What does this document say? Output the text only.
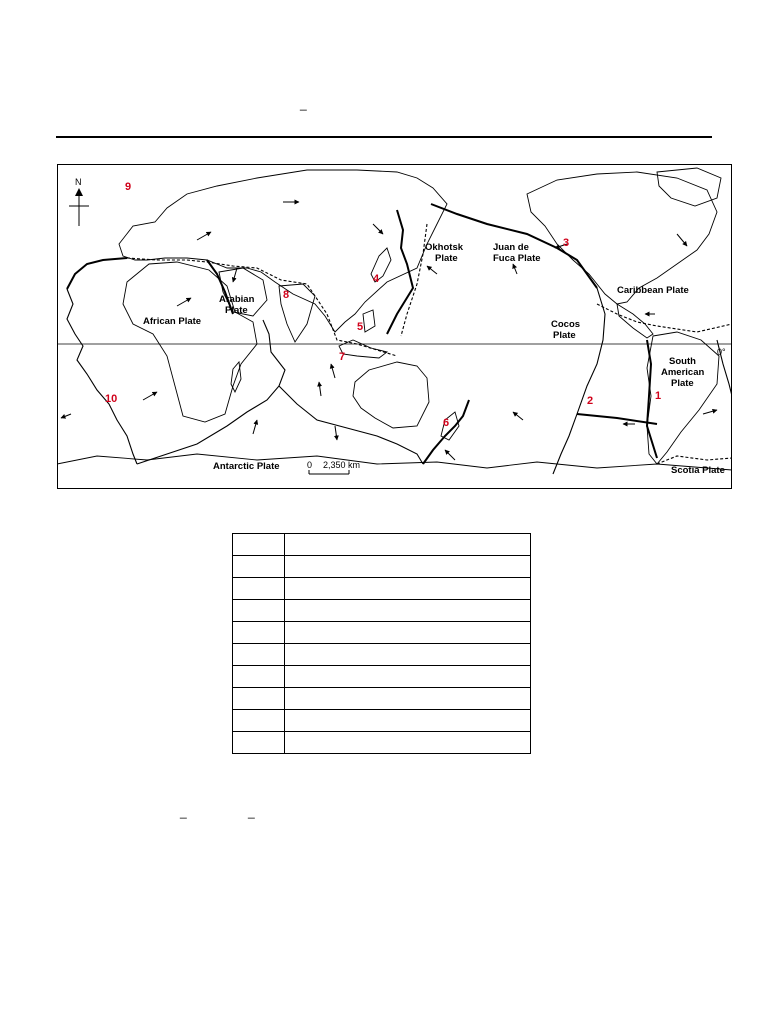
_
N
Okhotsk
Plate
Juan de
Fuca Plate
Caribbean Plate
Arabian
Plate
African Plate	Cocos
Plate
South
American
Plate
Antarctic Plate	Scotia Plate
0°
0 2,350 km
1
2
3
4
5
6
7
8
9
10

_	_
